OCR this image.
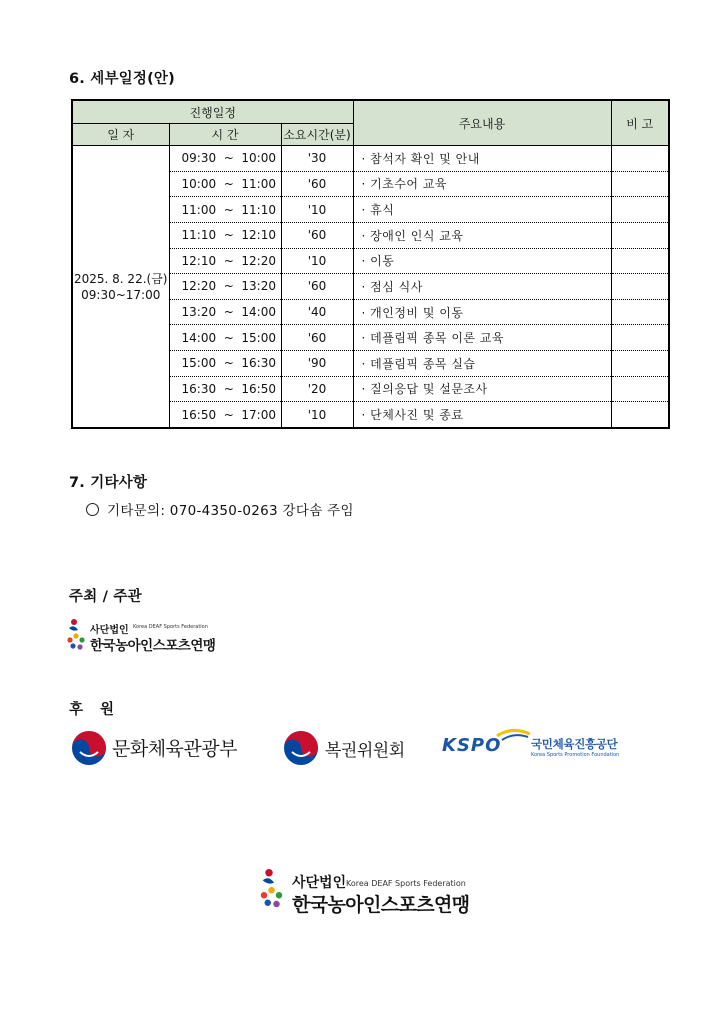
6. 세부일정(안)
진행일정			주요내용	비 고
일 자	시 간	소요시간(분)		

2025. 8. 22.(금)
09:30~17:00	09:30  ~  10:00	'30	· 참석자 확인 및 안내	
	10:00  ~  11:00	'60	· 기초수어 교육	
	11:00  ~  11:10	'10	· 휴식	
	11:10  ~  12:10	'60	· 장애인 인식 교육	
	12:10  ~  12:20	'10	· 이동	
	12:20  ~  13:20	'60	· 점심 식사	
	13:20  ~  14:00	'40	· 개인정비 및 이동	
	14:00  ~  15:00	'60	· 데플림픽 종목 이론 교육	
	15:00  ~  16:30	'90	· 데플림픽 종목 실습	
	16:30  ~  16:50	'20	· 질의응답 및 설문조사	
	16:50  ~  17:00	'10	· 단체사진 및 종료	
7. 기타사항
기타문의: 070-4350-0263 강다솜 주임
주최 / 주관
사단법인 Korea DEAF Sports Federation
한국농아인스포츠연맹
후 원
문화체육관광부	복권위원회 KSPO	국민체육진흥공단
Korea Sports Promotion Foundation
사단법인 Korea DEAF Sports Federation
한국농아인스포츠연맹
